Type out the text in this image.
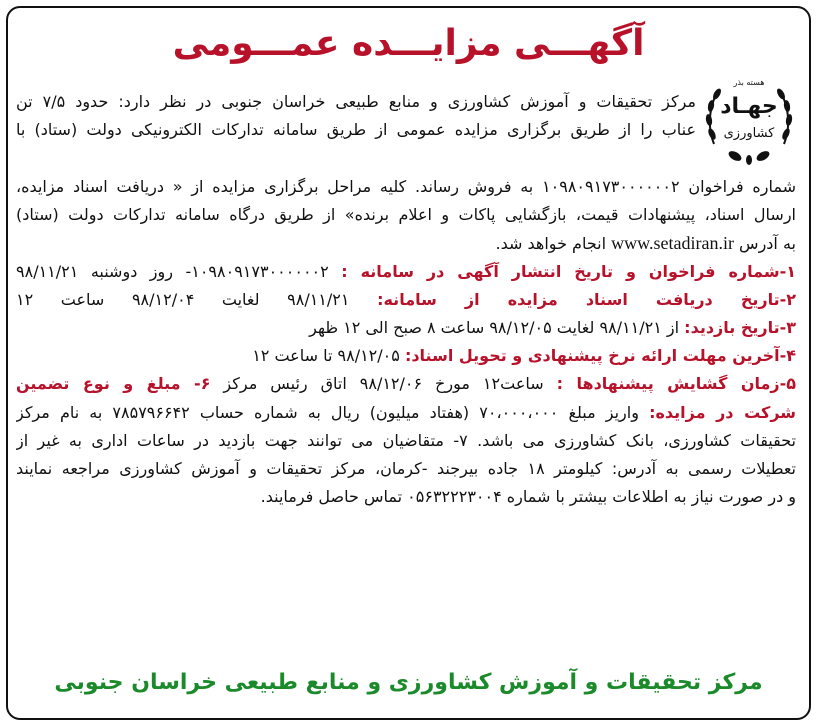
آگهـــی مزایـــده عمـــومی
هسته بذر
جهـاد
کشاورزی
مرکز تحقیقات و آموزش کشاورزی و منابع طبیعی خراسان جنوبی در نظر دارد: حدود ۷/۵ تن
عناب را از طریق برگزاری مزایده عمومی از طریق سامانه تدارکات الکترونیکی دولت (ستاد) با
شماره فراخوان ۱۰۹۸۰۹۱۷۳۰۰۰۰۰۰۲ به فروش رساند. کلیه مراحل برگزاری مزایده از « دریافت اسناد مزایده،
ارسال اسناد، پیشنهادات قیمت، بازگشایی پاکات و اعلام برنده» از طریق درگاه سامانه تدارکات دولت (ستاد)
به آدرس www.setadiran.ir انجام خواهد شد.
۱-شماره فراخوان و تاریخ انتشار آگهی در سامانه : ۱۰۹۸۰۹۱۷۳۰۰۰۰۰۰۲- روز دوشنبه ۹۸/۱۱/۲۱
۲-تاریخ دریافت اسناد مزایده از سامانه: ۹۸/۱۱/۲۱ لغایت ۹۸/۱۲/۰۴ ساعت ۱۲
۳-تاریخ بازدید: از ۹۸/۱۱/۲۱ لغایت ۹۸/۱۲/۰۵ ساعت ۸ صبح الی ۱۲ ظهر
۴-آخرین مهلت ارائه نرخ پیشنهادی و تحویل اسناد: ۹۸/۱۲/۰۵ تا ساعت ۱۲
۵-زمان گشایش پیشنهادها : ساعت۱۲ مورخ ۹۸/۱۲/۰۶ اتاق رئیس مرکز ۶- مبلغ و نوع تضمین
شرکت در مزایده: واریز مبلغ ۷۰،۰۰۰،۰۰۰ (هفتاد میلیون) ریال به شماره حساب ۷۸۵۷۹۶۶۴۲ به نام مرکز
تحقیقات کشاورزی، بانک کشاورزی می باشد. ۷- متقاضیان می توانند جهت بازدید در ساعات اداری به غیر از
تعطیلات رسمی به آدرس: کیلومتر ۱۸ جاده بیرجند -کرمان، مرکز تحقیقات و آموزش کشاورزی مراجعه نمایند
و در صورت نیاز به اطلاعات بیشتر با شماره ۰۵۶۳۲۲۲۳۰۰۴ تماس حاصل فرمایند.
مرکز تحقیقات و آموزش کشاورزی و منابع طبیعی خراسان جنوبی
